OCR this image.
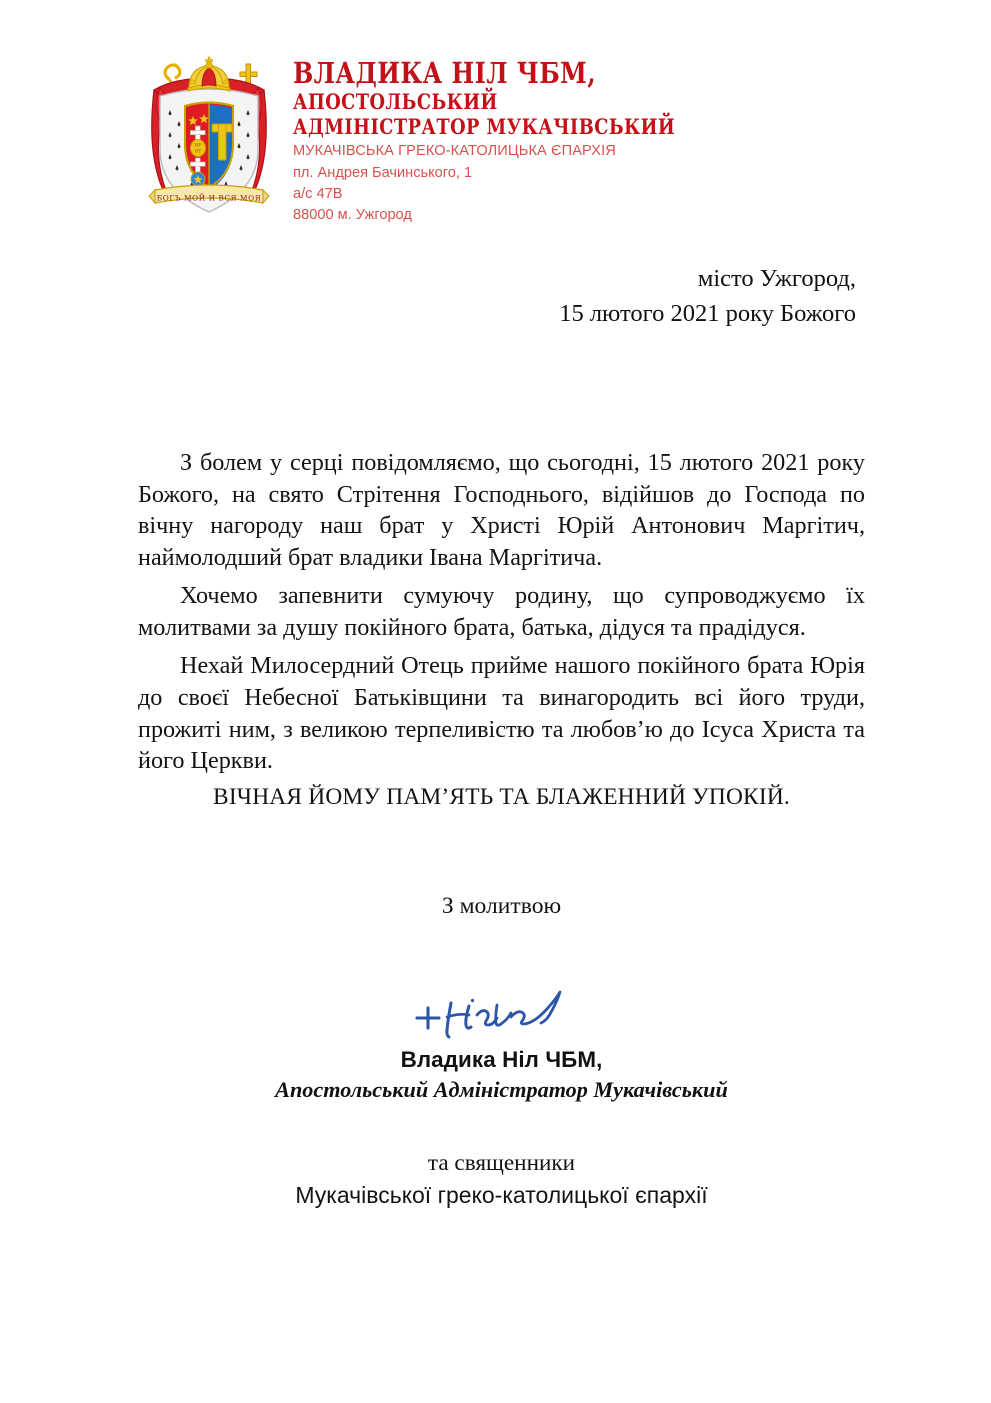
МР
ΘΥ
БОГЪ МОЙ И ВСЯ МОЯ
ВЛАДИКА НІЛ ЧБМ,
АПОСТОЛЬСЬКИЙ
АДМІНІСТРАТОР МУКАЧІВСЬКИЙ
МУКАЧІВСЬКА ГРЕКО-КАТОЛИЦЬКА ЄПАРХІЯ
пл. Андрея Бачинського, 1
а/с 47В
88000 м. Ужгород
місто Ужгород,
15 лютого 2021 року Божого

З болем у серці повідомляємо, що сьогодні, 15 лютого 2021 року Божого, на свято Стрітення Господнього, відійшов до Господа по вічну нагороду наш брат у Христі Юрій Антонович Маргітич, наймолодший брат владики Івана Маргітича.

Хочемо запевнити сумуючу родину, що супроводжуємо їх молитвами за душу покійного брата, батька, дідуся та прадідуся.

Нехай Милосердний Отець прийме нашого покійного брата Юрія до своєї Небесної Батьківщини та винагородить всі його труди, прожиті ним, з великою терпеливістю та любов’ю до Ісуса Христа та його Церкви.

ВІЧНАЯ ЙОМУ ПАМ’ЯТЬ ТА БЛАЖЕННИЙ УПОКІЙ.
З молитвою
Владика Ніл ЧБМ,
Апостольський Адміністратор Мукачівський
та священники
Мукачівської греко-католицької єпархії
